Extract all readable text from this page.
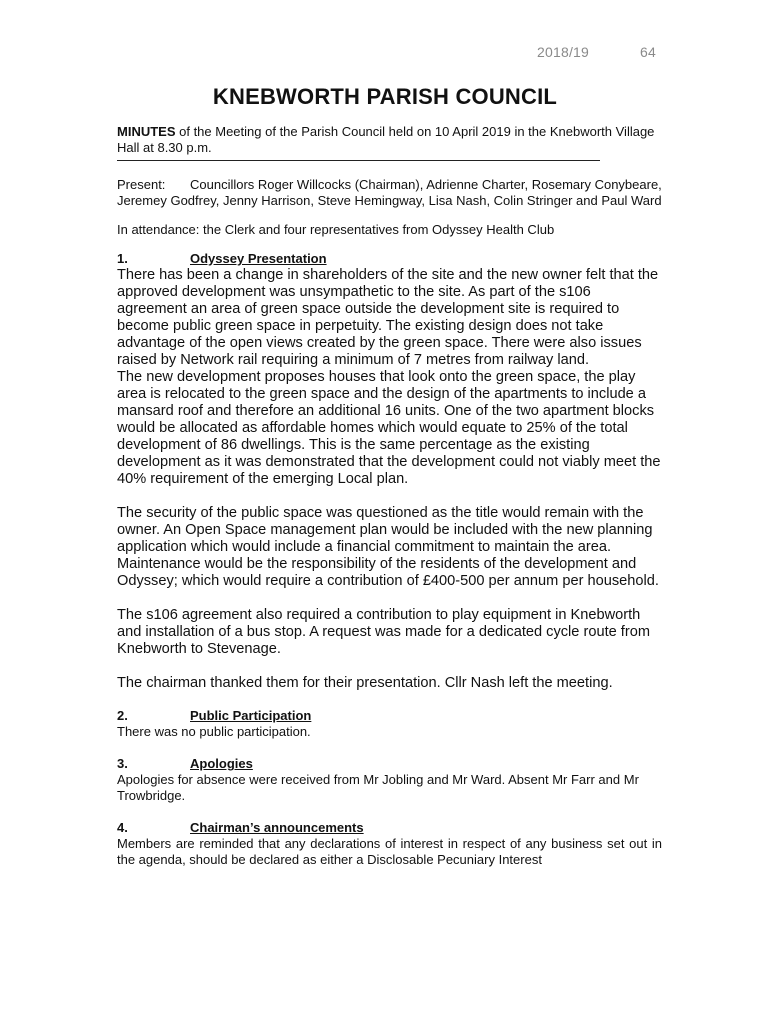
2018/19	64
KNEBWORTH PARISH COUNCIL

MINUTES of the Meeting of the Parish Council held on 10 April 2019 in the Knebworth Village Hall at 8.30 p.m.

Present: Councillors Roger Willcocks (Chairman), Adrienne Charter, Rosemary Conybeare, Jeremey Godfrey, Jenny Harrison, Steve Hemingway, Lisa Nash, Colin Stringer and Paul Ward

In attendance: the Clerk and four representatives from Odyssey Health Club

1.	Odyssey Presentation

There has been a change in shareholders of the site and the new owner felt that the approved development was unsympathetic to the site. As part of the s106 agreement an area of green space outside the development site is required to become public green space in perpetuity. The existing design does not take advantage of the open views created by the green space. There were also issues raised by Network rail requiring a minimum of 7 metres from railway land.

The new development proposes houses that look onto the green space, the play area is relocated to the green space and the design of the apartments to include a mansard roof and therefore an additional 16 units. One of the two apartment blocks would be allocated as affordable homes which would equate to 25% of the total development of 86 dwellings. This is the same percentage as the existing development as it was demonstrated that the development could not viably meet the 40% requirement of the emerging Local plan.

The security of the public space was questioned as the title would remain with the owner. An Open Space management plan would be included with the new planning application which would include a financial commitment to maintain the area. Maintenance would be the responsibility of the residents of the development and Odyssey; which would require a contribution of £400-500 per annum per household.

The s106 agreement also required a contribution to play equipment in Knebworth and installation of a bus stop. A request was made for a dedicated cycle route from Knebworth to Stevenage.

The chairman thanked them for their presentation. Cllr Nash left the meeting.

2.	Public Participation

There was no public participation.

3.	Apologies

Apologies for absence were received from Mr Jobling and Mr Ward. Absent Mr Farr and Mr Trowbridge.

4.	Chairman’s announcements

Members are reminded that any declarations of interest in respect of any business set out in the agenda, should be declared as either a Disclosable Pecuniary Interest
